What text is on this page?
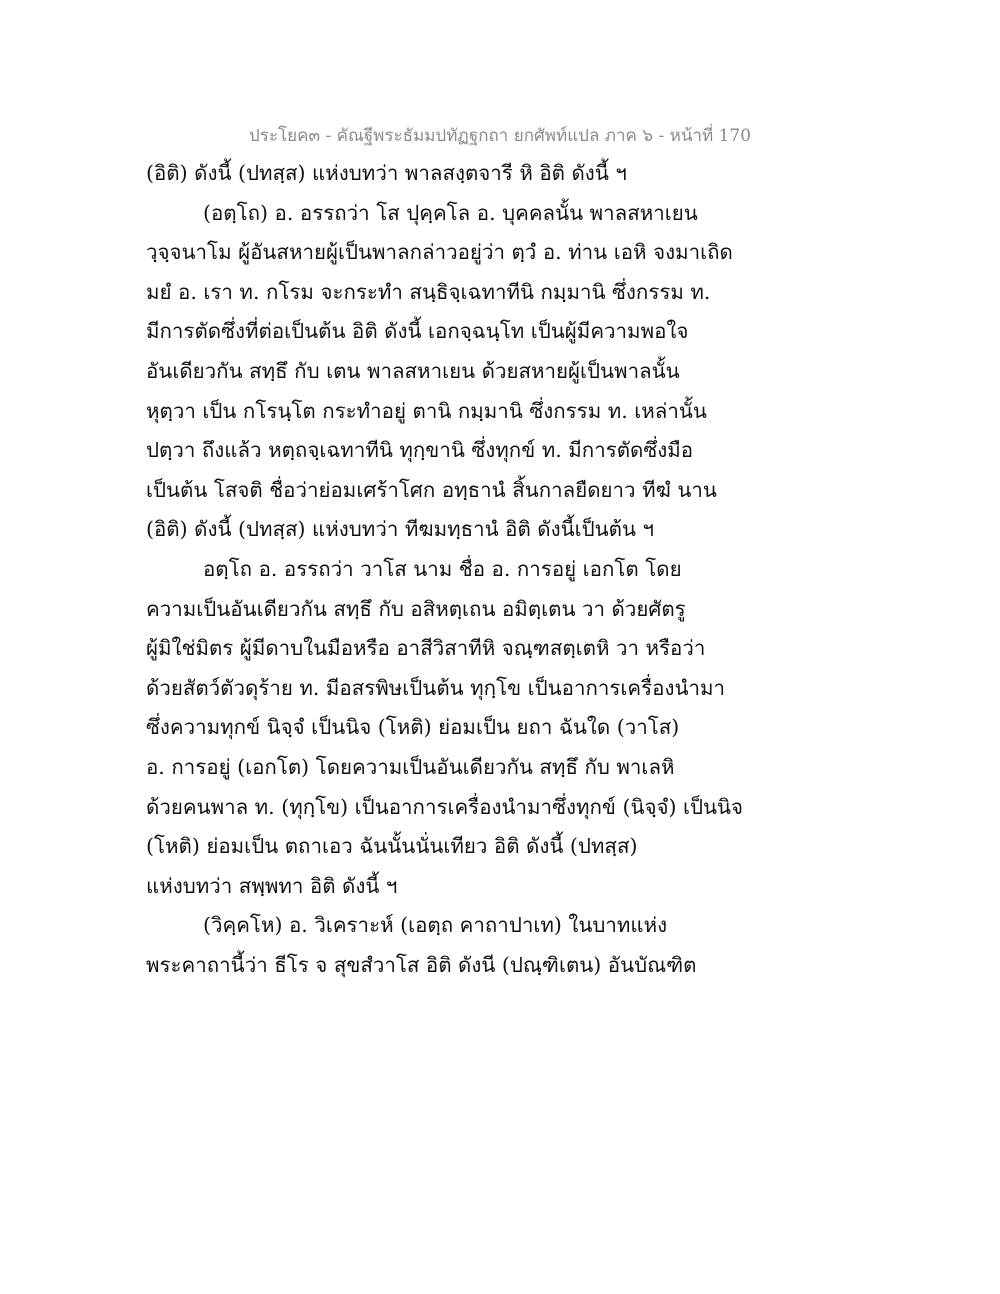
ประโยค๓ - คัณฐีพระธัมมปทัฏฐกถา ยกศัพท์แปล ภาค ๖ - หน้าที่ 170
(อิติ) ดังนี้ (ปทสฺส) แห่งบทว่า พาลสงฺตจารี หิ อิติ ดังนี้ ฯ
(อตฺโถ) อ. อรรถว่า โส ปุคฺคโล อ. บุคคลนั้น พาลสหาเยน
วฺจฺจนาโม ผู้อันสหายผู้เป็นพาลกล่าวอยู่ว่า ตฺวํ อ. ท่าน เอหิ จงมาเถิด
มยํ อ. เรา ท. กโรม จะกระทำ สนฺธิจฺเฉทาทีนิ กมฺมานิ ซึ่งกรรม ท.
มีการตัดซึ่งที่ต่อเป็นต้น อิติ ดังนี้ เอกจฺฉนฺโท เป็นผู้มีความพอใจ
อันเดียวกัน สทฺธึ กับ เตน พาลสหาเยน ด้วยสหายผู้เป็นพาลนั้น
หุตฺวา เป็น กโรนฺโต กระทำอยู่ ตานิ กมฺมานิ ซึ่งกรรม ท. เหล่านั้น
ปตฺวา ถึงแล้ว หตฺถจฺเฉทาทีนิ ทุกฺขานิ ซึ่งทุกข์ ท. มีการตัดซึ่งมือ
เป็นต้น โสจติ ชื่อว่าย่อมเศร้าโศก อทฺธานํ สิ้นกาลยืดยาว ทีฆํ นาน
(อิติ) ดังนี้ (ปทสฺส) แห่งบทว่า ทีฆมทฺธานํ อิติ ดังนี้เป็นต้น ฯ
อตฺโถ อ. อรรถว่า วาโส นาม ชื่อ อ. การอยู่ เอกโต โดย
ความเป็นอันเดียวกัน สทฺธึ กับ อสิหตฺเถน อมิตฺเตน วา ด้วยศัตรู
ผู้มิใช่มิตร ผู้มีดาบในมือหรือ อาสีวิสาทีหิ จณฺฑสตฺเตหิ วา หรือว่า
ด้วยสัตว์ตัวดุร้าย ท. มีอสรพิษเป็นต้น ทุกฺโข เป็นอาการเครื่องนำมา
ซึ่งความทุกข์ นิจฺจํ เป็นนิจ (โหติ) ย่อมเป็น ยถา ฉันใด (วาโส)
อ. การอยู่ (เอกโต) โดยความเป็นอันเดียวกัน สทฺธึ กับ พาเลหิ
ด้วยคนพาล ท. (ทุกฺโข) เป็นอาการเครื่องนำมาซึ่งทุกข์ (นิจฺจํ) เป็นนิจ
(โหติ) ย่อมเป็น ตถาเอว ฉันนั้นนั่นเทียว อิติ ดังนี้ (ปทสฺส)
แห่งบทว่า สพฺพทา อิติ ดังนี้ ฯ
(วิคฺคโห) อ. วิเคราะห์ (เอตฺถ คาถาปาเท) ในบาทแห่ง
พระคาถานี้ว่า ธีโร จ สุขสํวาโส อิติ ดังนี (ปณฺฑิเตน) อันบัณฑิต
